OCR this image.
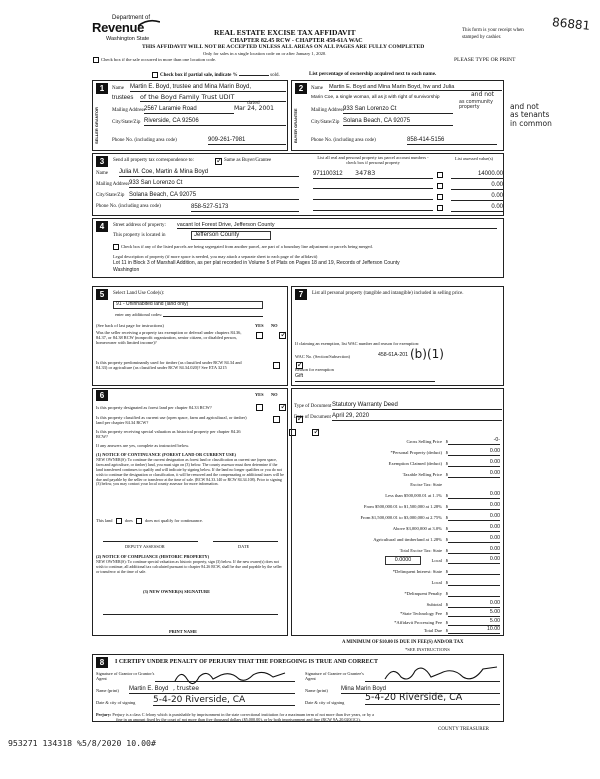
Department of
Revenue
Washington State
REAL ESTATE EXCISE TAX AFFIDAVIT
CHAPTER 82.45 RCW - CHAPTER 458-61A WAC
THIS AFFIDAVIT WILL NOT BE ACCEPTED UNLESS ALL AREAS ON ALL PAGES ARE FULLY COMPLETED
Only for sales in a single location code on or after January 1, 2020.
This form is your receipt when stamped by cashier.
PLEASE TYPE OR PRINT
86881
Check box if the sale occurred in more than one location code.
Check box if partial sale, indicate %	sold.	List percentage of ownership acquired next to each name.
1
SELLER GRANTOR
Name Martin E. Boyd, trustee and Mina Marin Boyd,
trustees of the Boyd Family Trust UDIT
dated
Mailing Address
2567 Laramie Road	Mar 24, 2001
City/State/Zip Riverside, CA 92506
Phone No. (including area code)	909-261-7981
2
BUYER GRANTEE
Name Martin E. Boyd and Mina Marin Boyd, hw and Julia
Marin Coe, a single woman, all as jt with right of survivorship	and not
as community property
Mailing Address
933 San Lorenzo Ct
City/State/Zip Solana Beach, CA 92075
Phone No. (including area code)	858-414-5156
and not
as tenants
in common
3	Send all property tax correspondence to:
✓	Same as Buyer/Grantee
List all real and personal property tax parcel account numbers - check box if personal property
List assessed value(s)
Name Julia M. Coe, Martin & Mina Boyd
Mailing Address 933 San Lorenzo Ct
City/State/Zip Solana Beach, CA 92075
Phone No. (including area code)	858-527-5173
971100312	34783	14000.00
0.00
0.00
0.00
4	Street address of property: vacant lot Forest Drive, Jefferson County
This property is located in	Jefferson County
Check box if any of the listed parcels are being segregated from another parcel, are part of a boundary line adjustment or parcels being merged.
Legal description of property (if more space is needed, you may attach a separate sheet to each page of the affidavit)
Lot 11 in Block 3 of Marshall Addition, as per plat recorded in Volume 5 of Plats on Pages 18 and 19, Records of Jefferson County
Washington
5	Select Land Use Code(s):
91 - Uninhabited land (land only)
enter any additional codes:
(See back of last page for instructions)	YES NO
Was the seller receiving a property tax exemption or deferral under chapters 84.36, 84.37, or 84.38 RCW (nonprofit organization, senior citizen, or disabled person, homeowner with limited income)?
✓
Is this property predominantly used for timber (as classified under RCW 84.34 and 84.33) or agriculture (as classified under RCW 84.34.020)? See ETA 3215
✓
7	List all personal property (tangible and intangible) included in selling price.
If claiming an exemption, list WAC number and reason for exemption:
WAC No. (Section/Subsection)	458-61A-201 (b)(1)
Reason for exemption
Gift
6	YES NO
Is this property designated as forest land per chapter 84.33 RCW?
✓
Is this property classified as current use (open space, farm and agricultural, or timber) land per chapter 84.34 RCW?
✓
Is this property receiving special valuation as historical property per chapter 84.26 RCW?
✓
If any answers are yes, complete as instructed below.
(1) NOTICE OF CONTINUANCE (FOREST LAND OR CURRENT USE)
NEW OWNER(S): To continue the current designation as forest land or classification as current use (open space, farm and agriculture, or timber) land, you must sign on (3) below. The county assessor must then determine if the land transferred continues to qualify and will indicate by signing below. If the land no longer qualifies or you do not wish to continue the designation or classification, it will be removed and the compensating or additional taxes will be due and payable by the seller or transferor at the time of sale. (RCW 84.33.140 or RCW 84.34.108). Prior to signing (3) below, you may contact your local county assessor for more information.
This land	does	does not qualify for continuance.
DEPUTY ASSESSOR	DATE
(2) NOTICE OF COMPLIANCE (HISTORIC PROPERTY)
NEW OWNER(S): To continue special valuation as historic property, sign (3) below. If the new owner(s) does not wish to continue, all additional tax calculated pursuant to chapter 84.26 RCW, shall be due and payable by the seller or transferor at the time of sale.
(3) NEW OWNER(S) SIGNATURE
PRINT NAME
Type of Document Statutory Warranty Deed
Date of Document April 29, 2020
Gross Selling Price $	-0-
*Personal Property (deduct) $	0.00
Exemption Claimed (deduct) $	0.00
Taxable Selling Price $	0.00
Excise Tax: State
Less than $500,000.01 at 1.1% $	0.00
From $500,000.01 to $1,500,000 at 1.28% $	0.00
From $1,500,000.01 to $3,000,000 at 2.75% $	0.00
Above $3,000,000 at 3.0% $	0.00
Agricultural and timberland at 1.28% $	0.00
Total Excise Tax: State $	0.00
0.0000	Local $	0.00
*Delinquent Interest: State $
Local $
*Delinquent Penalty $
Subtotal $	0.00
*State Technology Fee $	5.00
*Affidavit Processing Fee $	5.00
Total Due $	10.00
A MINIMUM OF $10.00 IS DUE IN FEE(S) AND/OR TAX
*SEE INSTRUCTIONS
8	I CERTIFY UNDER PENALTY OF PERJURY THAT THE FOREGOING IS TRUE AND CORRECT
Signature of Grantor or Grantor's Agent
Signature of Grantee or Grantee's Agent
Name (print) Martin E. Boyd , trustee	Name (print) Mina Marin Boyd
Date & city of signing 5-4-20 Riverside, CA	Date & city of signing 5-4-20 Riverside, CA
Perjury: Perjury is a class C felony which is punishable by imprisonment in the state correctional institution for a maximum term of not more than five years, or by a
fine in an amount fixed by the court of not more than five thousand dollars ($5,000.00), or by both imprisonment and fine (RCW 9A.20.020(1C)).
COUNTY TREASURER
953271 134318 %5/8/2020 10.00#
